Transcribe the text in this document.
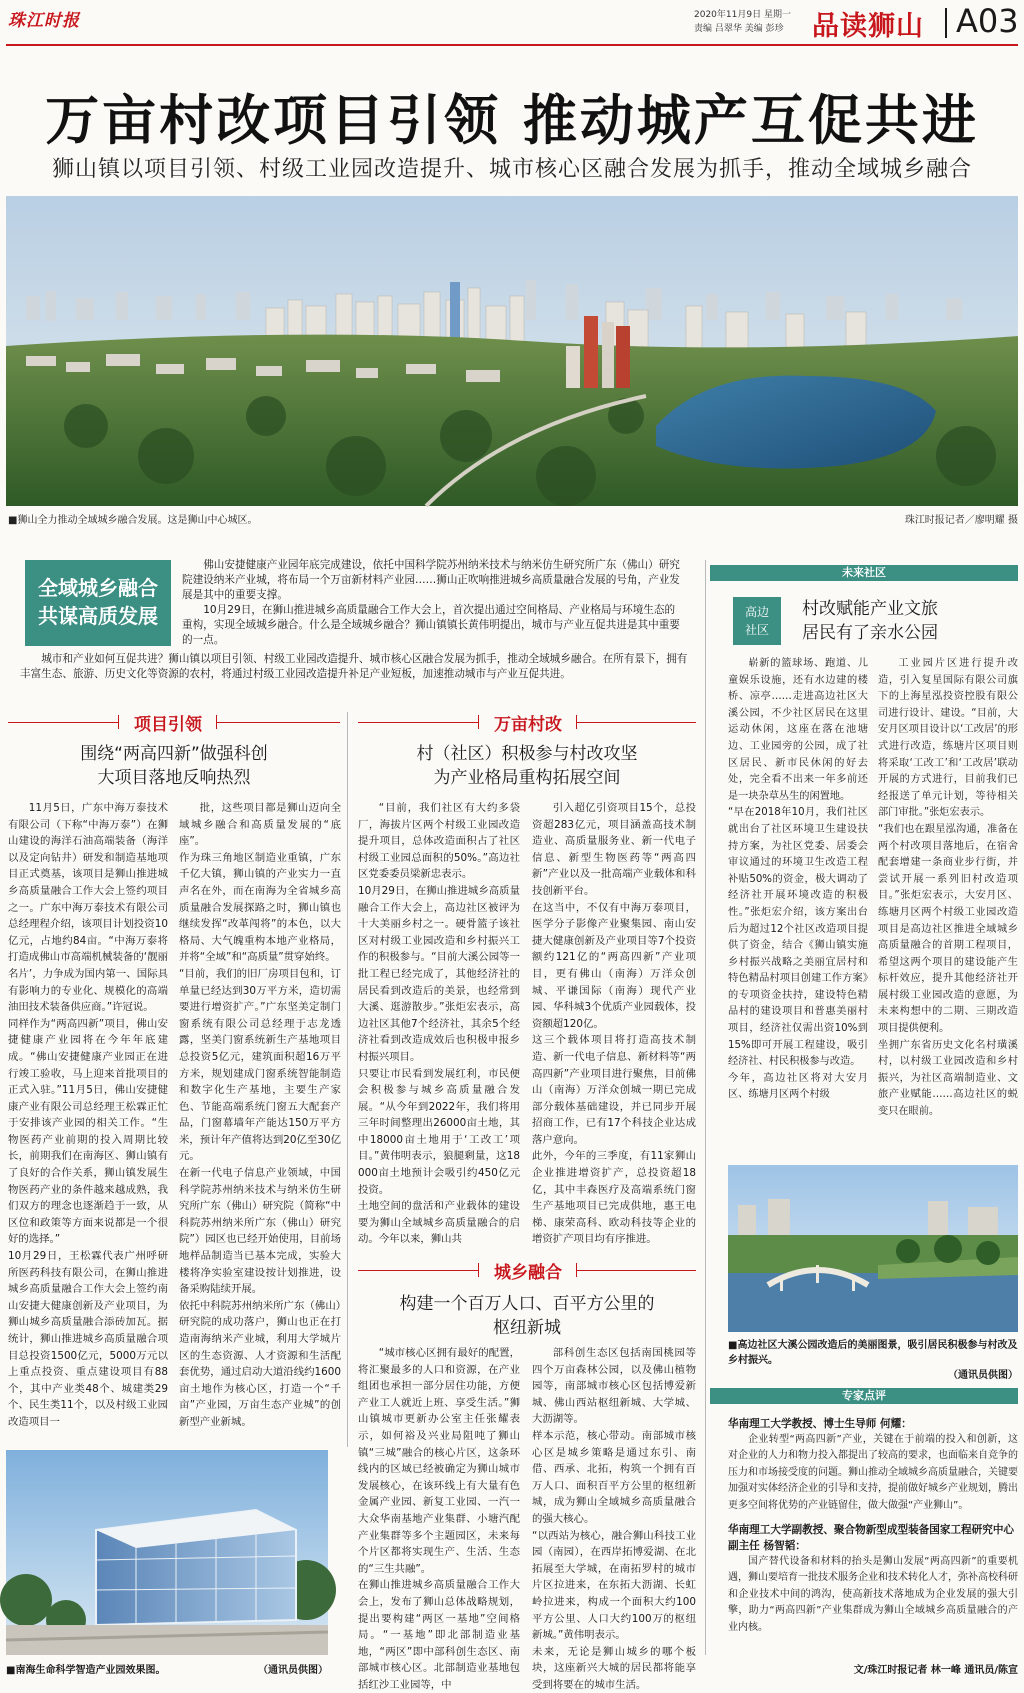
珠江时报	2020年11月9日 星期一
责编 吕翠华 美编 彭珍 品读狮山 A03
万亩村改项目引领 推动城产互促共进
狮山镇以项目引领、村级工业园改造提升、城市核心区融合发展为抓手，推动全域城乡融合
■狮山全力推动全域城乡融合发展。这是狮山中心城区。	珠江时报记者／廖明耀 摄
全域城乡融合
共谋高质发展

佛山安捷健康产业园年底完成建设，依托中国科学院苏州纳米技术与纳米仿生研究所广东（佛山）研究院建设纳米产业城，将布局一个万亩新材料产业园……狮山正吹响推进城乡高质量融合发展的号角，产业发展是其中的重要支撑。

10月29日，在狮山推进城乡高质量融合工作大会上，首次提出通过空间格局、产业格局与环境生态的重构，实现全域城乡融合。什么是全域城乡融合？狮山镇镇长黄伟明提出，城市与产业互促共进是其中重要的一点。

城市和产业如何互促共进？狮山镇以项目引领、村级工业园改造提升、城市核心区融合发展为抓手，推动全域城乡融合。在所有景下，拥有丰富生态、旅游、历史文化等资源的农村，将通过村级工业园改造提升补足产业短板，加速推动城市与产业互促共进。
项目引领
围绕“两高四新”做强科创
大项目落地反响热烈

11月5日，广东中海万泰技术有限公司（下称“中海万泰”）在狮山建设的海洋石油高端装备（海洋以及定向钻井）研发和制造基地项目正式奠基，该项目是狮山推进城乡高质量融合工作大会上签约项目之一。广东中海万泰技术有限公司总经理程介绍，该项目计划投资10亿元，占地约84亩。“中海万泰将打造成佛山市高端机械装备的‘靓丽名片’，力争成为国内第一、国际具有影响力的专业化、规模化的高端油田技术装备供应商。”许冠说。
同样作为“两高四新”项目，佛山安捷健康产业园将在今年年底建成。“佛山安捷健康产业园正在进行竣工验收，马上迎来首批项目的正式入驻。”11月5日，佛山安捷健康产业有限公司总经理王松霖正忙于安排该产业园的相关工作。“生物医药产业前期的投入周期比较长，前期我们在南海区、狮山镇有了良好的合作关系，狮山镇发展生物医药产业的条件越来越成熟，我们双方的理念也逐渐趋于一致，从区位和政策等方面来说都是一个很好的选择。”
10月29日，王松霖代表广州呼研所医药科技有限公司，在狮山推进城乡高质量融合工作大会上签约南山安捷大健康创新及产业项目，为狮山城乡高质量融合添砖加瓦。据统计，狮山推进城乡高质量融合项目总投资1500亿元，5000万元以上重点投资、重点建设项目有88个，其中产业类48个、城建类29个、民生类11个，以及村级工业园改造项目一

批，这些项目都是狮山迈向全域城乡融合和高质量发展的“底座”。
作为珠三角地区制造业重镇，广东千亿大镇，狮山镇的产业实力一直声名在外，而在南海为全省城乡高质量融合发展探路之时，狮山镇也继续发挥“改革闯将”的本色，以大格局、大气魄重构本地产业格局，并将“全域”和“高质量”贯穿始终。
“目前，我们的旧厂房项目包和，订单量已经达到30万平方米，造切需要进行增资扩产。”广东坚美定制门窗系统有限公司总经理于志龙透露，坚美门窗系统新生产基地项目总投资5亿元，建筑面积超16万平方米，规划建成门窗系统智能制造和数字化生产基地，主要生产家色、节能高端系统门窗五大配套产品，门窗幕墙年产能达150万平方米，预计年产值将达到20亿至30亿元。
在新一代电子信息产业领域，中国科学院苏州纳米技术与纳米仿生研究所广东（佛山）研究院（简称“中科院苏州纳米所广东（佛山）研究院”）园区也已经开始使用，目前场地样品制造当已基本完成，实验大楼将净实验室建设按计划推进，设备采购陆续开展。
依托中科院苏州纳米所广东（佛山）研究院的成功落户，狮山也正在打造南海纳米产业城，利用大学城片区的生态资源、人才资源和生活配套优势，通过启动大道沿线约1600亩土地作为核心区，打造一个“千亩”产业园，万亩生态产业城”的创新型产业新城。

万亩村改
村（社区）积极参与村改攻坚
为产业格局重构拓展空间

“目前，我们社区有大约多袋厂，海拔片区两个村级工业园改造提升项目，总体改造面积占了社区村级工业园总面积的50%。”高边社区党委委员梁新忠表示。
10月29日，在狮山推进城乡高质量融合工作大会上，高边社区被评为十大美丽乡村之一。硬骨篮子该社区对村级工业园改造和乡村振兴工作的积极参与。“目前大溪公园等一批工程已经完成了，其他经济社的居民看到改造后的美景，也经常到大溪、逛游散步。”张炬宏表示，高边社区其他7个经济社，其余5个经济社看到改造成效后也积极申报乡村振兴项目。
只要让市民看到发展红利，市民便会积极参与城乡高质量融合发展。“从今年到2022年，我们将用三年时间整理出26000亩土地，其中18000亩土地用于‘工改工’项目。”黄伟明表示，狼腿剩量，这18000亩土地预计会吸引约450亿元投资。
土地空间的盘活和产业载体的建设要为狮山全域城乡高质量融合的启动。今年以来，狮山共

引入超亿引资项目15个，总投资超283亿元，项目涵盖高技术制造业、高质量服务业、新一代电子信息、新型生物医药等“两高四新”产业以及一批高端产业载体和科技创新平台。
在这当中，不仅有中海万泰项目，医学分子影像产业聚集园、南山安捷大健康创新及产业项目等7个投资额约121亿的“两高四新”产业项目，更有佛山（南海）万洋众创城、平谦国际（南海）现代产业园、华科城3个优质产业园载体，投资额超120亿。
这三个载体项目将打造高技术制造、新一代电子信息、新材料等“两高四新”产业项目进行聚焦，目前佛山（南海）万洋众创城一期已完成部分载体基础建设，并已同步开展招商工作，已有17个科技企业达成落户意向。
此外，今年的三季度，有11家狮山企业推进增资扩产，总投资超18亿，其中丰森医疗及高端系统门窗生产基地项目已完成供地，惠王电梯、康荣高科、欧动科技等企业的增资扩产项目均有序推进。

城乡融合
构建一个百万人口、百平方公里的
枢纽新城

“城市核心区拥有最好的配置，将汇聚最多的人口和资源，在产业组团也承担一部分居住功能，方便产业工人就近上班、享受生活。”狮山镇城市更新办公室主任张耀表示，如何裕及兴业局阻吨了狮山镇“三城”融合的核心片区，这条环线内的区域已经被确定为狮山城市发展核心，在该环线上有大量有色金属产业园、新复工业园、一汽一大众华南基地产业集群、小塘汽配产业集群等多个主题园区，未来每个片区都将实现生产、生活、生态的“三生共融”。
在狮山推进城乡高质量融合工作大会上，发布了狮山总体战略规划，提出要构建“两区一基地”空间格局。“一基地”即北部制造业基地，“两区”即中部科创生态区、南部城市核心区。北部制造业基地包括红沙工业园等，中

部科创生态区包括南国桃园等四个万亩森林公园，以及佛山植物园等，南部城市核心区包括博爱新城、佛山西站枢纽新城、大学城、大沥湖等。
样本示范，核心带动。南部城市核心区是城乡策略是通过东引、南借、西承、北拓，构筑一个拥有百万人口、面积百平方公里的枢纽新城，成为狮山全域城乡高质量融合的强大核心。
“以西站为核心，融合狮山科技工业园（南园），在西岸拓博爱湖、在北拓展至大学城，在南拓罗村的城市片区拉进来，在东拓大沥湖、长虹岭拉进来，构成一个面积大约100平方公里、人口大约100万的枢纽新城。”黄伟明表示。
未来，无论是狮山城乡的哪个板块，这座新兴大城的居民都将能享受到将要在的城市生活。

■南海生命科学智造产业园效果图。	（通讯员供图）
未来社区
高边
社区
村改赋能产业文旅
居民有了亲水公园

崭新的篮球场、跑道、儿童娱乐设施，还有水边建的楼桥、凉亭……走进高边社区大溪公园，不少社区居民在这里运动休闲，这座在落在池塘边、工业园旁的公园，成了社区居民、新市民休闲的好去处，完全看不出来一年多前还是一块杂草丛生的闲置地。
“早在2018年10月，我们社区就出台了社区环境卫生建设扶持方案，为社区党委、居委会审议通过的环境卫生改造工程补贴50%的资金，极大调动了经济社开展环境改造的积极性。”张炬宏介绍，该方案出台后为超过12个社区改造项目提供了资金，结合《狮山镇实施乡村振兴战略之美丽宜居村和特色精品村项目创建工作方案》的专项资金扶持，建设特色精品村的建设项目和普惠美丽村项目，经济社仅需出资10%到15%即可开展工程建设，吸引经济社、村民积极参与改造。
今年，高边社区将对大安月区、练塘月区两个村级

工业园片区进行提升改造，引入复星国际有限公司旗下的上海星泓投资控股有限公司进行设计、建设。“目前，大安月区项目设计以‘工改居’的形式进行改造，练塘片区项目则将采取‘工改工’和‘工改居’联动开展的方式进行，目前我们已经报送了单元计划，等待相关部门审批。”张炬宏表示。
“我们也在跟星泓沟通，准备在两个村改项目落地后，在宿舍配套增建一条商业步行街，并尝试开展一系列旧村改造项目。”张炬宏表示，大安月区、练塘月区两个村级工业园改造项目是高边社区推进全域城乡高质量融合的首期工程项目，希望这两个项目的建设能产生标杆效应，提升其他经济社开展村级工业园改造的意愿，为未来构想中的二期、三期改造项目提供便利。
坐拥广东省历史文化名村璜溪村，以村级工业园改造和乡村振兴，为社区高端制造业、文旅产业赋能……高边社区的蜕变只在眼前。

■高边社区大溪公园改造后的美丽图景，吸引居民积极参与村改及乡村振兴。
（通讯员供图）
专家点评
华南理工大学教授、博士生导师 何耀：
企业转型“两高四新”产业，关键在于前端的投入和创新，这对企业的人力和物力投入都提出了较高的要求，也面临来自竞争的压力和市场接受度的问题。狮山推动全域城乡高质量融合，关键要加强对实体经济企业的引导和支持，提前做好城乡产业规划，腾出更多空间将优势的产业链留住，做大做强“产业狮山”。
华南理工大学副教授、聚合物新型成型装备国家工程研究中心副主任 杨智韬：
国产替代设备和材料的抬头是狮山发展“两高四新”的重要机遇，狮山要培育一批技术服务企业和技术转化人才，弥补高校科研和企业技术中间的鸿沟，使高新技术落地成为企业发展的强大引擎，助力“两高四新”产业集群成为狮山全域城乡高质量融合的产业内核。
文/珠江时报记者 林一峰 通讯员/陈宣
